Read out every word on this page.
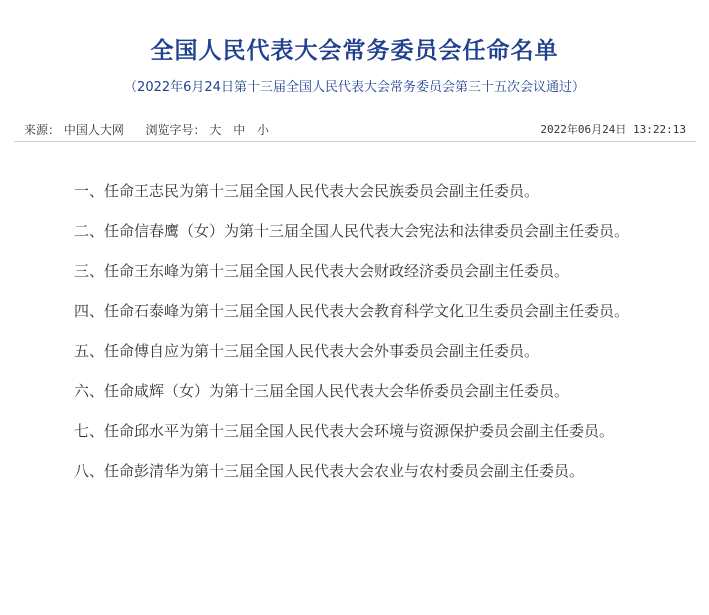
全国人民代表大会常务委员会任命名单

（2022年6月24日第十三届全国人民代表大会常务委员会第三十五次会议通过）

来源： 中国人大网 浏览字号： 大 中 小	2022年06月24日 13:22:13

一、任命王志民为第十三届全国人民代表大会民族委员会副主任委员。

二、任命信春鹰（女）为第十三届全国人民代表大会宪法和法律委员会副主任委员。

三、任命王东峰为第十三届全国人民代表大会财政经济委员会副主任委员。

四、任命石泰峰为第十三届全国人民代表大会教育科学文化卫生委员会副主任委员。

五、任命傅自应为第十三届全国人民代表大会外事委员会副主任委员。

六、任命咸辉（女）为第十三届全国人民代表大会华侨委员会副主任委员。

七、任命邱水平为第十三届全国人民代表大会环境与资源保护委员会副主任委员。

八、任命彭清华为第十三届全国人民代表大会农业与农村委员会副主任委员。
